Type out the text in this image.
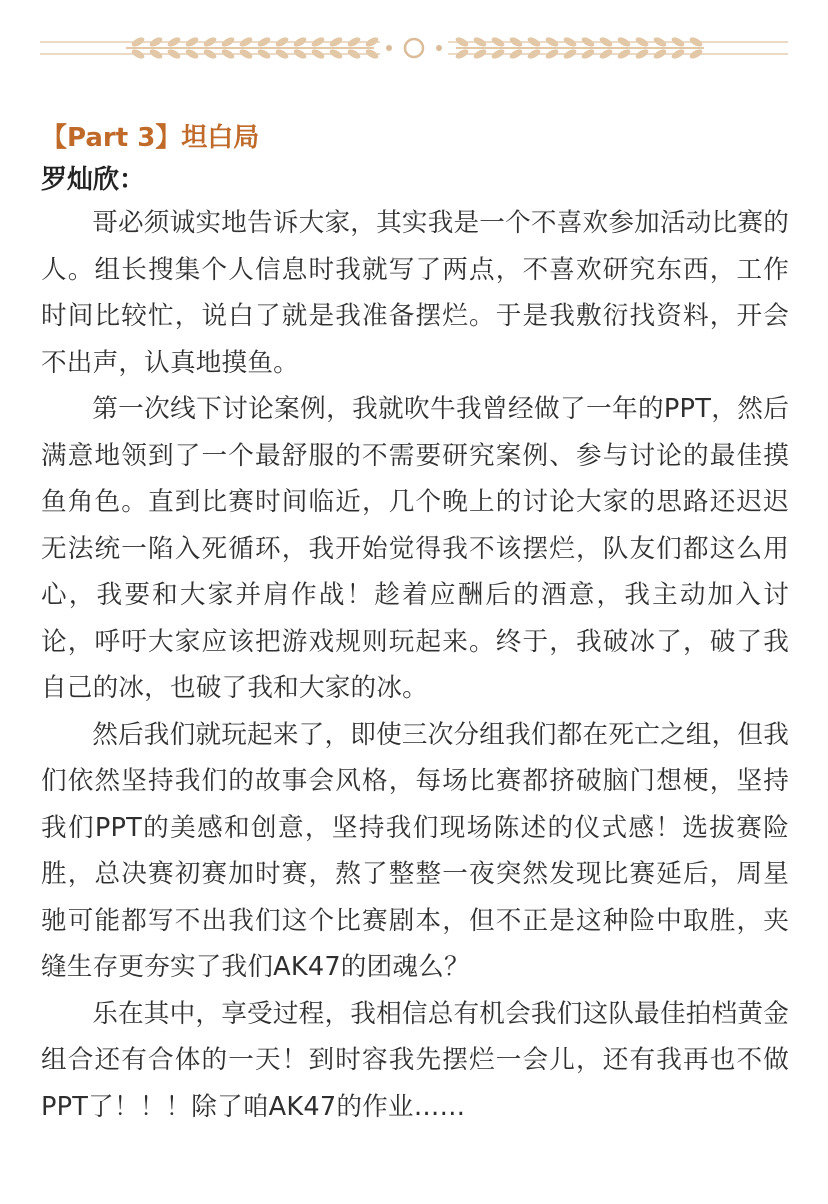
【Part 3】坦白局
罗灿欣：

哥必须诚实地告诉大家，其实我是一个不喜欢参加活动比赛的人。组长搜集个人信息时我就写了两点，不喜欢研究东西，工作时间比较忙，说白了就是我准备摆烂。于是我敷衍找资料，开会不出声，认真地摸鱼。

第一次线下讨论案例，我就吹牛我曾经做了一年的PPT，然后满意地领到了一个最舒服的不需要研究案例、参与讨论的最佳摸鱼角色。直到比赛时间临近，几个晚上的讨论大家的思路还迟迟无法统一陷入死循环，我开始觉得我不该摆烂，队友们都这么用心，我要和大家并肩作战！趁着应酬后的酒意，我主动加入讨论，呼吁大家应该把游戏规则玩起来。终于，我破冰了，破了我自己的冰，也破了我和大家的冰。

然后我们就玩起来了，即使三次分组我们都在死亡之组，但我们依然坚持我们的故事会风格，每场比赛都挤破脑门想梗，坚持我们PPT的美感和创意，坚持我们现场陈述的仪式感！选拔赛险胜，总决赛初赛加时赛，熬了整整一夜突然发现比赛延后，周星驰可能都写不出我们这个比赛剧本，但不正是这种险中取胜，夹缝生存更夯实了我们AK47的团魂么？

乐在其中，享受过程，我相信总有机会我们这队最佳拍档黄金组合还有合体的一天！到时容我先摆烂一会儿，还有我再也不做PPT了！！！除了咱AK47的作业……
